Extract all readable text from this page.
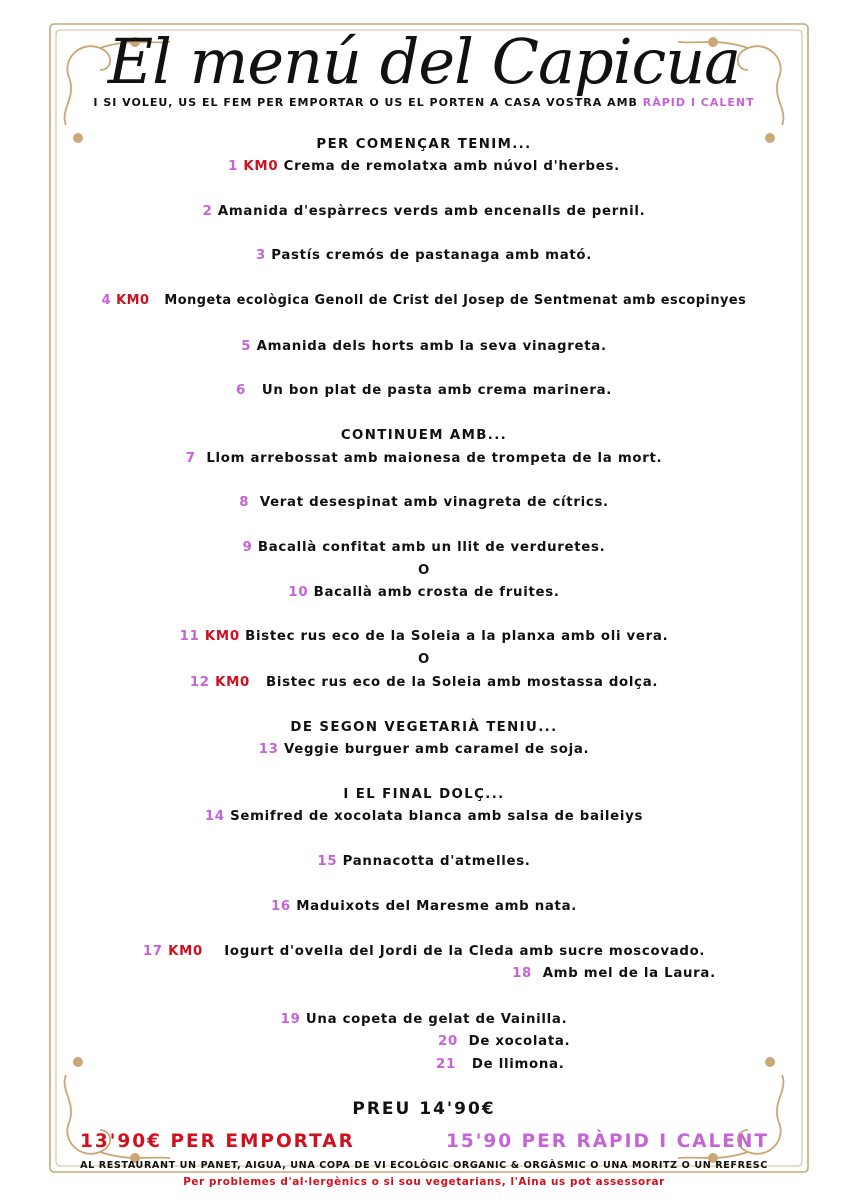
El menú del Capicua
I SI VOLEU, US EL FEM PER EMPORTAR O US EL PORTEN A CASA VOSTRA AMB RÀPID I CALENT
PER COMENÇAR TENIM...
1 KM0 Crema de remolatxa amb núvol d'herbes.
2 Amanida d'espàrrecs verds amb encenalls de pernil.
3 Pastís cremós de pastanaga amb mató.
4 KM0 Mongeta ecològica Genoll de Crist del Josep de Sentmenat amb escopinyes
5 Amanida dels horts amb la seva vinagreta.
6 Un bon plat de pasta amb crema marinera.
CONTINUEM AMB...
7 Llom arrebossat amb maionesa de trompeta de la mort.
8 Verat desespinat amb vinagreta de cítrics.
9 Bacallà confitat amb un llit de verduretes.
O
10 Bacallà amb crosta de fruites.
11 KM0 Bistec rus eco de la Soleia a la planxa amb oli vera.
O
12 KM0 Bistec rus eco de la Soleia amb mostassa dolça.
DE SEGON VEGETARIÀ TENIU...
13 Veggie burguer amb caramel de soja.
I EL FINAL DOLÇ...
14 Semifred de xocolata blanca amb salsa de baileiys
15 Pannacotta d'atmelles.
16 Maduixots del Maresme amb nata.
17 KM0 Iogurt d'ovella del Jordi de la Cleda amb sucre moscovado.
18 Amb mel de la Laura.
19 Una copeta de gelat de Vainilla.
20 De xocolata.
21 De llimona.
PREU 14'90€
13'90€ PER EMPORTAR	15'90 PER RÀPID I CALENT
AL RESTAURANT UN PANET, AIGUA, UNA COPA DE VI ECOLÒGIC ORGANIC & ORGÀSMIC O UNA MORITZ O UN REFRESC
Per problemes d'al·lergènics o si sou vegetarians, l'Aina us pot assessorar
